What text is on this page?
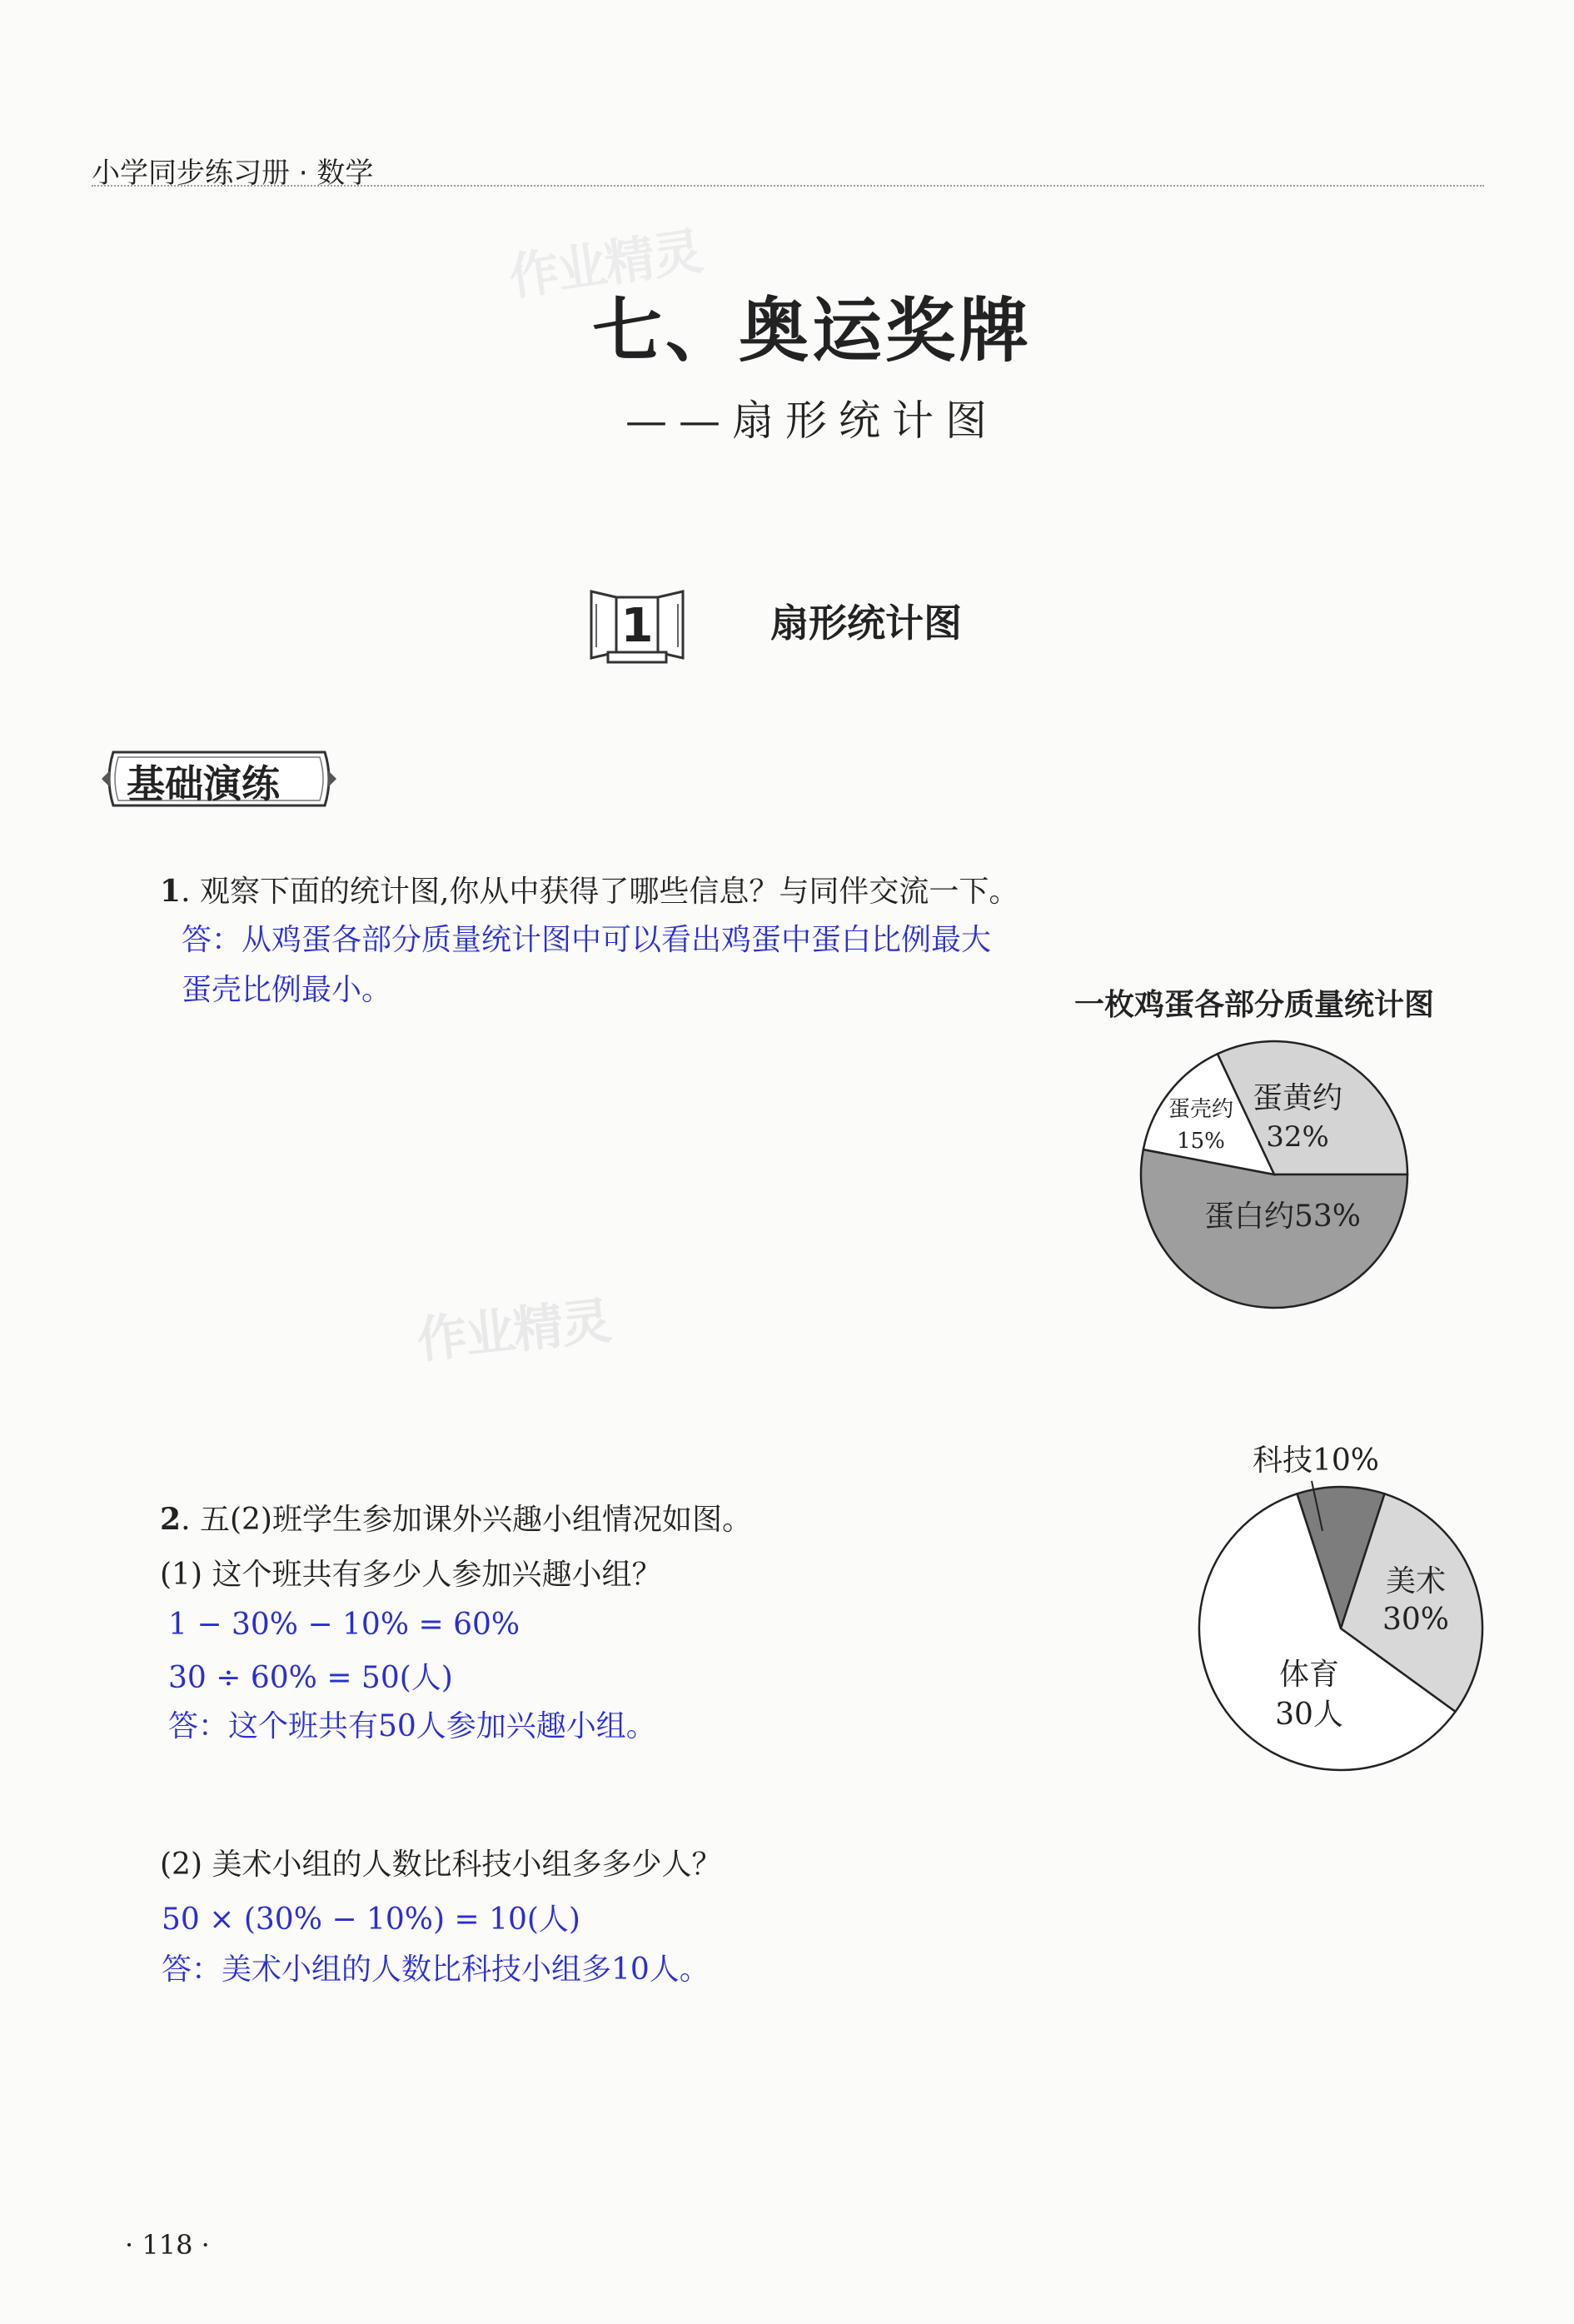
小学同步练习册 · 数学
作业精灵
作业精灵
七、奥运奖牌
——扇形统计图
1	扇形统计图
基础演练
1. 观察下面的统计图,你从中获得了哪些信息？与同伴交流一下。
答：从鸡蛋各部分质量统计图中可以看出鸡蛋中蛋白比例最大
蛋壳比例最小。	一枚鸡蛋各部分质量统计图
蛋黄约
32%
蛋壳约
15%
蛋白约53%
2. 五(2)班学生参加课外兴趣小组情况如图。
(1) 这个班共有多少人参加兴趣小组？
1 − 30% − 10% = 60%
30 ÷ 60% = 50(人)
答：这个班共有50人参加兴趣小组。
(2) 美术小组的人数比科技小组多多少人？
50 × (30% − 10%) = 10(人)
答：美术小组的人数比科技小组多10人。
科技10%
美术
30%
体育
30人
· 118 ·
